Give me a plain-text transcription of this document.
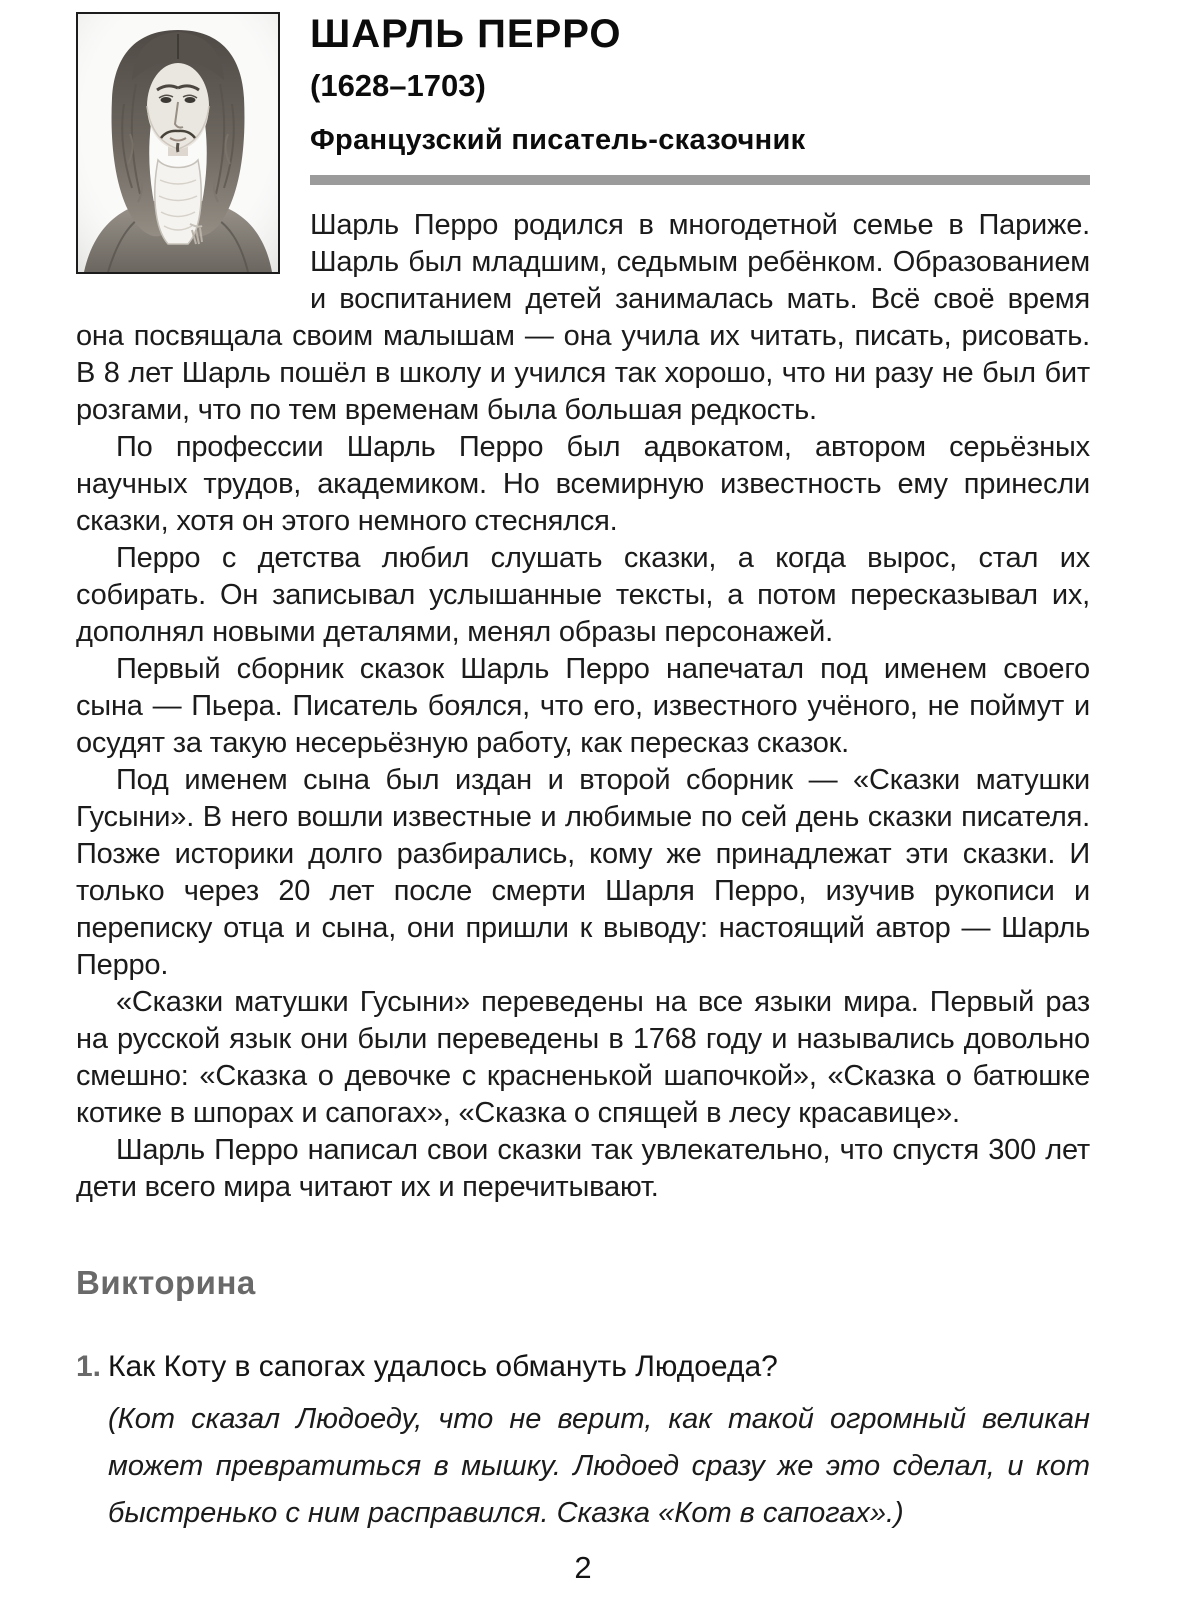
ШАРЛЬ ПЕРРО
(1628–1703)
Французский писатель-сказочник

Шарль Перро родился в многодетной семье в Париже. Шарль был младшим, седьмым ребёнком. Образованием и воспитанием детей занималась мать. Всё своё время она посвящала своим малышам — она учила их читать, писать, рисовать. В 8 лет Шарль пошёл в школу и учился так хорошо, что ни разу не был бит розгами, что по тем временам была большая редкость.

По профессии Шарль Перро был адвокатом, автором серьёзных научных трудов, академиком. Но всемирную известность ему принесли сказки, хотя он этого немного стеснялся.

Перро с детства любил слушать сказки, а когда вырос, стал их собирать. Он записывал услышанные тексты, а потом пересказывал их, дополнял новыми деталями, менял образы персонажей.

Первый сборник сказок Шарль Перро напечатал под именем своего сына — Пьера. Писатель боялся, что его, известного учёного, не поймут и осудят за такую несерьёзную работу, как пересказ сказок.

Под именем сына был издан и второй сборник — «Сказки матушки Гусыни». В него вошли известные и любимые по сей день сказки писателя. Позже историки долго разбирались, кому же принадлежат эти сказки. И только через 20 лет после смерти Шарля Перро, изучив рукописи и переписку отца и сына, они пришли к выводу: настоящий автор — Шарль Перро.

«Сказки матушки Гусыни» переведены на все языки мира. Первый раз на русской язык они были переведены в 1768 году и назывались довольно смешно: «Сказка о девочке с красненькой шапочкой», «Сказка о батюшке котике в шпорах и сапогах», «Сказка о спящей в лесу красавице».

Шарль Перро написал свои сказки так увлекательно, что спустя 300 лет дети всего мира читают их и перечитывают.

Викторина
1. Как Коту в сапогах удалось обмануть Людоеда?
(Кот сказал Людоеду, что не верит, как такой огромный великан может превратиться в мышку. Людоед сразу же это сделал, и кот быстренько с ним расправился. Сказка «Кот в сапогах».)
2
